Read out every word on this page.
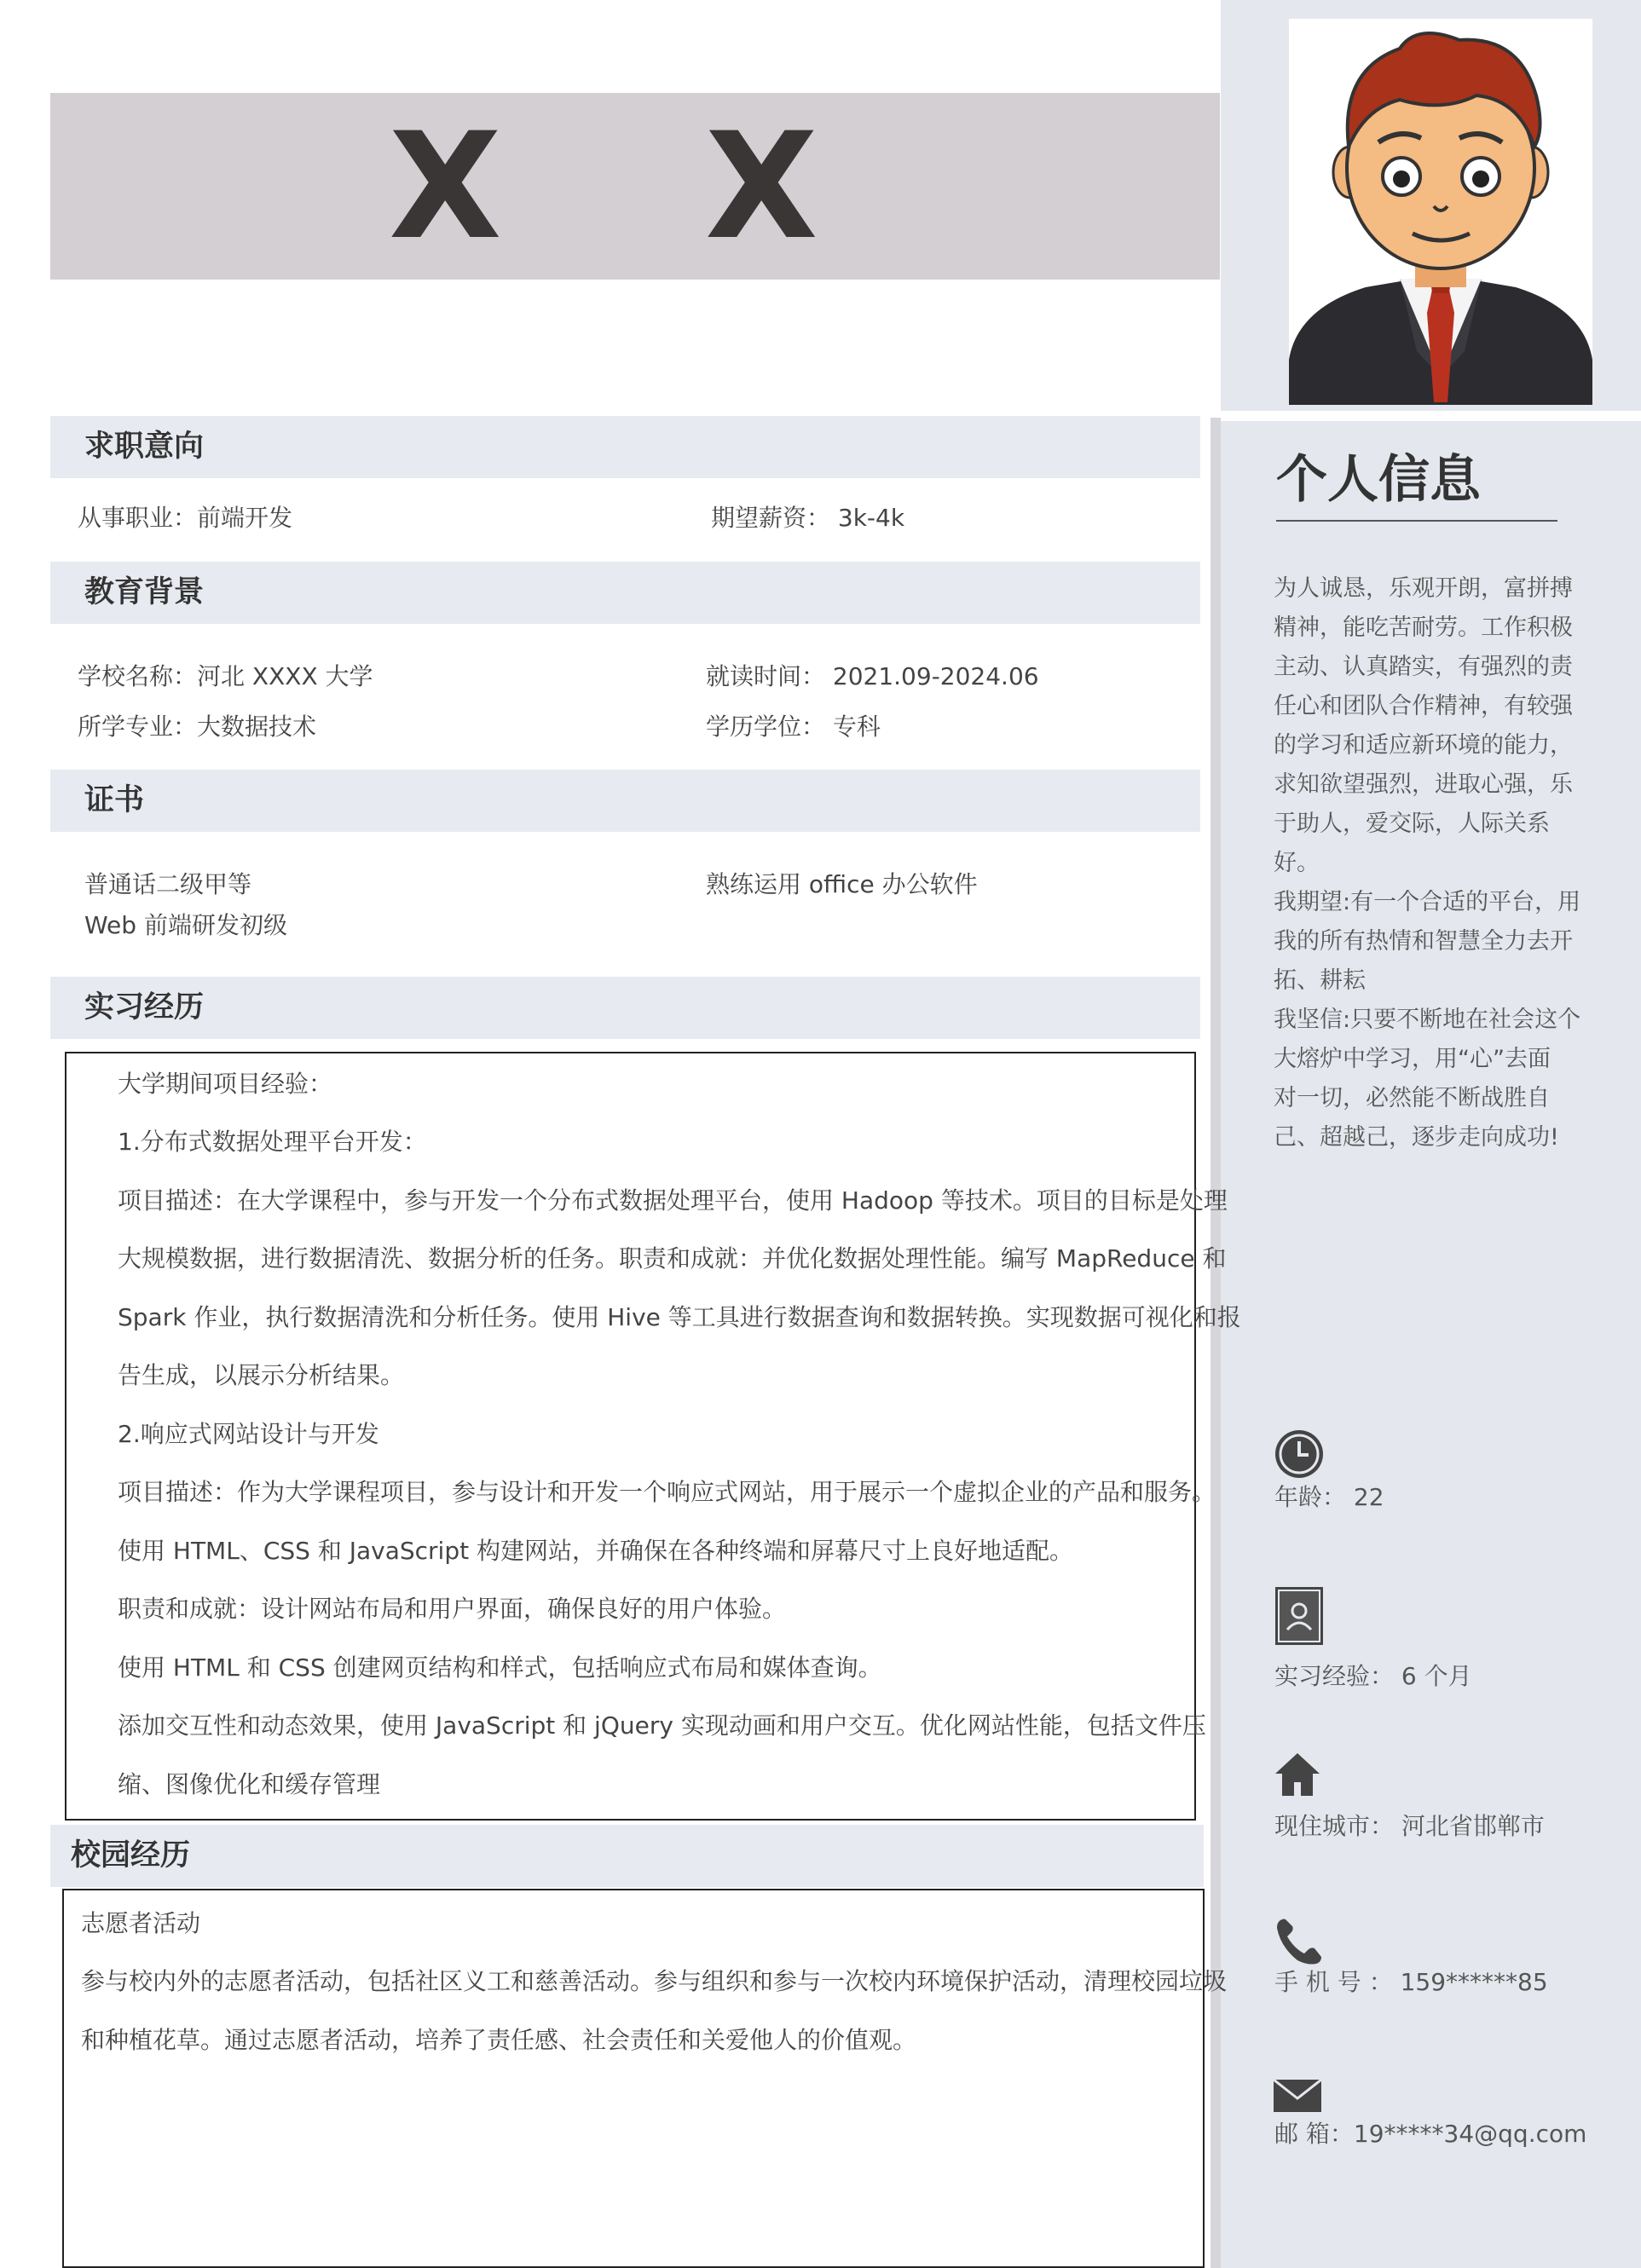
X X
求职意向
从事职业：前端开发	期望薪资： 3k-4k
教育背景
学校名称：河北 XXXX 大学	就读时间： 2021.09-2024.06
所学专业：大数据技术	学历学位： 专科
证书
普通话二级甲等	熟练运用 office 办公软件
Web 前端研发初级
实习经历
大学期间项目经验：
1.分布式数据处理平台开发：
项目描述：在大学课程中，参与开发一个分布式数据处理平台，使用 Hadoop 等技术。项目的目标是处理
大规模数据，进行数据清洗、数据分析的任务。职责和成就：并优化数据处理性能。编写 MapReduce 和
Spark 作业，执行数据清洗和分析任务。使用 Hive 等工具进行数据查询和数据转换。实现数据可视化和报
告生成，以展示分析结果。
2.响应式网站设计与开发
项目描述：作为大学课程项目，参与设计和开发一个响应式网站，用于展示一个虚拟企业的产品和服务。
使用 HTML、CSS 和 JavaScript 构建网站，并确保在各种终端和屏幕尺寸上良好地适配。
职责和成就：设计网站布局和用户界面，确保良好的用户体验。
使用 HTML 和 CSS 创建网页结构和样式，包括响应式布局和媒体查询。
添加交互性和动态效果，使用 JavaScript 和 jQuery 实现动画和用户交互。优化网站性能，包括文件压
缩、图像优化和缓存管理
校园经历
志愿者活动
参与校内外的志愿者活动，包括社区义工和慈善活动。参与组织和参与一次校内环境保护活动，清理校园垃圾
和种植花草。通过志愿者活动，培养了责任感、社会责任和关爱他人的价值观。
个人信息
为人诚恳，乐观开朗，富拼搏
精神，能吃苦耐劳。工作积极
主动、认真踏实，有强烈的责
任心和团队合作精神，有较强
的学习和适应新环境的能力，
求知欲望强烈，进取心强，乐
于助人，爱交际，人际关系
好。
我期望:有一个合适的平台，用
我的所有热情和智慧全力去开
拓、耕耘
我坚信:只要不断地在社会这个
大熔炉中学习，用“心”去面
对一切，必然能不断战胜自
己、超越己，逐步走向成功!
年龄： 22
实习经验： 6 个月
现住城市： 河北省邯郸市
手 机 号 ： 159******85
邮 箱：19*****34@qq.com
